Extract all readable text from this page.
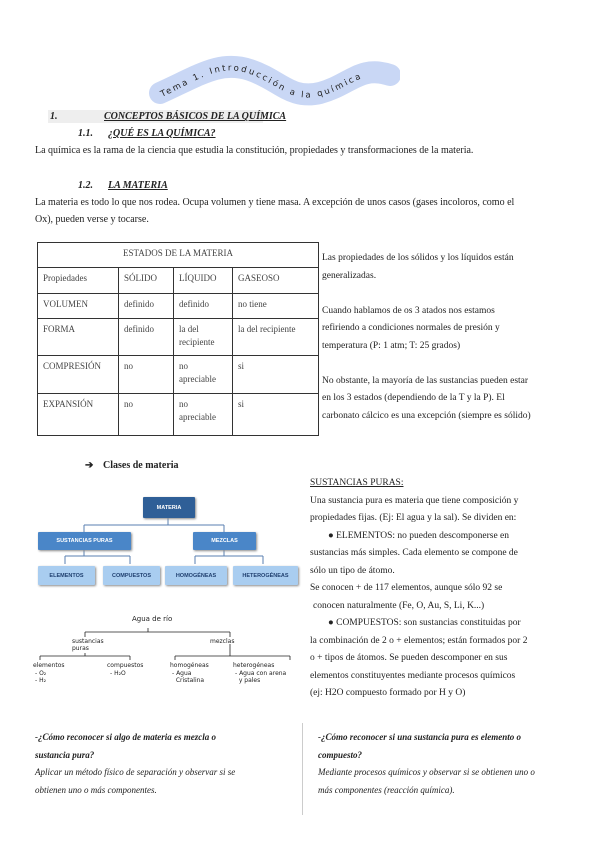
Tema 1. Introducción a la química
1.	CONCEPTOS BÁSICOS DE LA QUÍMICA
1.1. ¿QUÉ ES LA QUÍMICA?
La química es la rama de la ciencia que estudia la constitución, propiedades y transformaciones de la materia.
1.2. LA MATERIA
La materia es todo lo que nos rodea. Ocupa volumen y tiene masa. A excepción de unos casos (gases incoloros, como el
Ox), pueden verse y tocarse.
ESTADOS DE LA MATERIA			
Propiedades	SÓLIDO	LÍQUIDO	GASEOSO
VOLUMEN	definido	definido	no tiene
FORMA	definido	la del recipiente	la del recipiente
COMPRESIÓN	no	no apreciable	si
EXPANSIÓN	no	no apreciable	si
Las propiedades de los sólidos y los líquidos están
generalizadas.
Cuando hablamos de os 3 atados nos estamos
refiriendo a condiciones normales de presión y
temperatura (P: 1 atm; T: 25 grados)
No obstante, la mayoría de las sustancias pueden estar
en los 3 estados (dependiendo de la T y la P). El
carbonato cálcico es una excepción (siempre es sólido)
➔ Clases de materia
MATERIA
SUSTANCIAS PURAS	MEZCLAS
ELEMENTOS	COMPUESTOS	HOMOGÉNEAS	HETEROGÉNEAS
Agua de río
sustancias puras
mezclas
elementos
- O₂
- H₂
compuestos
- H₂O
homogéneas
- Agua
Cristalina
heterogéneas
- Agua con arena
y pales
SUSTANCIAS PURAS:
Una sustancia pura es materia que tiene composición y
propiedades fijas. (Ej: El agua y la sal). Se dividen en:
● ELEMENTOS: no pueden descomponerse en
sustancias más simples. Cada elemento se compone de
sólo un tipo de átomo.
Se conocen + de 117 elementos, aunque sólo 92 se
conocen naturalmente (Fe, O, Au, S, Li, K...)
● COMPUESTOS: son sustancias constituidas por
la combinación de 2 o + elementos; están formados por 2
o + tipos de átomos. Se pueden descomponer en sus
elementos constituyentes mediante procesos químicos
(ej: H2O compuesto formado por H y O)
-¿Cómo reconocer si algo de materia es mezcla o
sustancia pura?
Aplicar un método físico de separación y observar si se
obtienen uno o más componentes.
-¿Cómo reconocer si una sustancia pura es elemento o
compuesto?
Mediante procesos químicos y observar si se obtienen uno o
más componentes (reacción química).
